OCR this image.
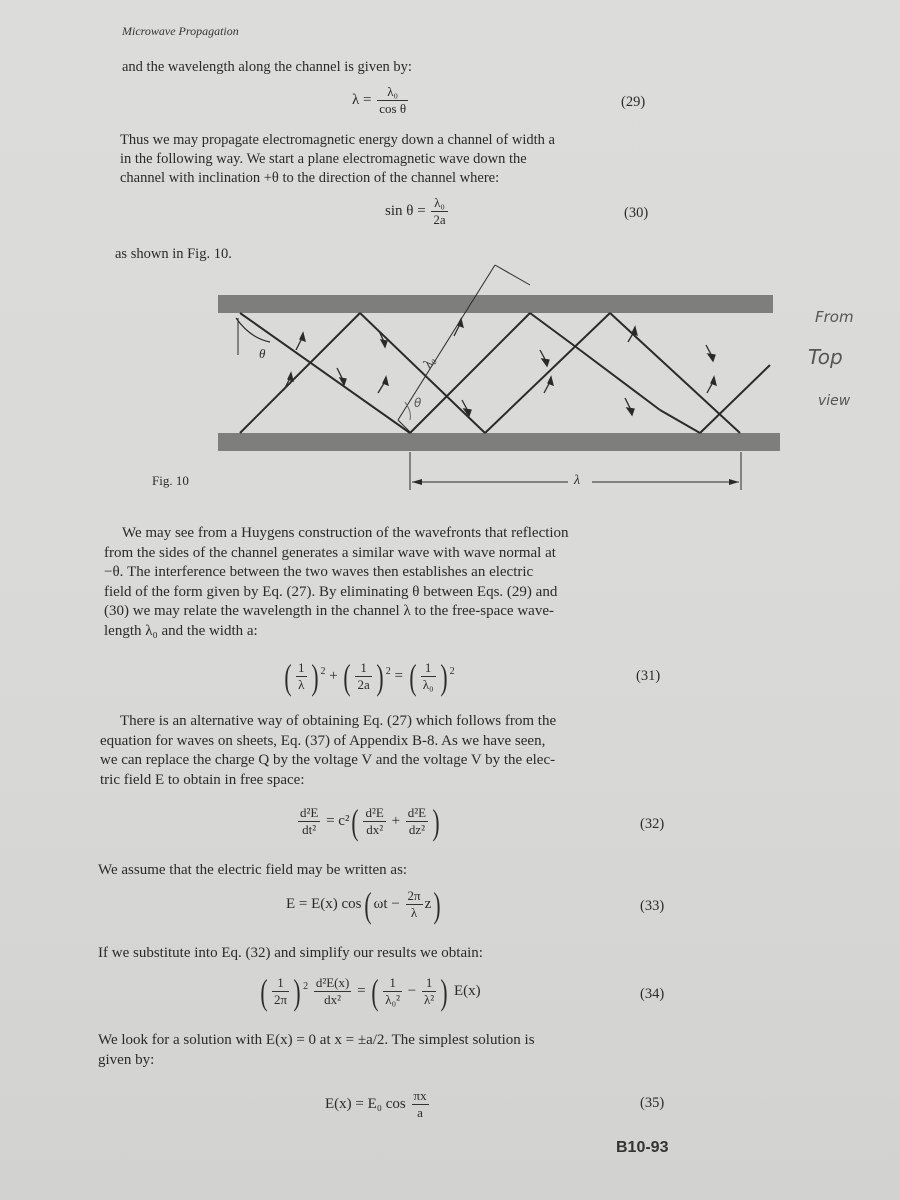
Microwave Propagation
and the wavelength along the channel is given by:
$\lambda = \frac{\text{λ₀}}{\text{cos θ}}$	(29)
Thus we may propagate electromagnetic energy down a channel of width a
in the following way. We start a plane electromagnetic wave down the
channel with inclination +θ to the direction of the channel where:
$\sin \theta = \frac{\text{λ₀}}{2a}$	(30)
as shown in Fig. 10.
θ	λ₀
λ
θ
Fig. 10
From
Top
view
We may see from a Huygens construction of the wavefronts that reflection
from the sides of the channel generates a similar wave with wave normal at
−θ. The interference between the two waves then establishes an electric
field of the form given by Eq. (27). By eliminating θ between Eqs. (29) and
(30) we may relate the wavelength in the channel λ to the free-space wave-
length λ₀ and the width a:
( $\frac{1}{\lambda}$ ) $^2$ + ( $\frac{1}{2a}$ ) $^2$ = ( $\frac{1}{\text{λ₀}}$ ) $^2$	(31)
There is an alternative way of obtaining Eq. (27) which follows from the
equation for waves on sheets, Eq. (37) of Appendix B-8. As we have seen,
we can replace the charge Q by the voltage V and the voltage V by the elec-
tric field E to obtain in free space:
$\frac{\text{d²E}}{\text{dt²}} = c^2( \frac{\text{d²E}}{\text{dx²}} + \frac{\text{d²E}}{\text{dz²}}$ )	(32)
We assume that the electric field may be written as:
E = E(x) cos( $\omega t - \frac{2\pi}{\lambda} z$)	(33)
If we substitute into Eq. (32) and simplify our results we obtain:
( $\frac{1}{2\pi}$ ) $^2 \frac{\text{d²E(x)}}{\text{dx²}}$ = ( $\frac{1}{\text{λ₀²}} - \frac{1}{\text{λ²}}$ ) E(x)	(34)
We look for a solution with E(x) = 0 at x = ±a/2. The simplest solution is
given by:
E(x) = E₀ $\cos \frac{\pi x}{a}$	(35)
B10-93
